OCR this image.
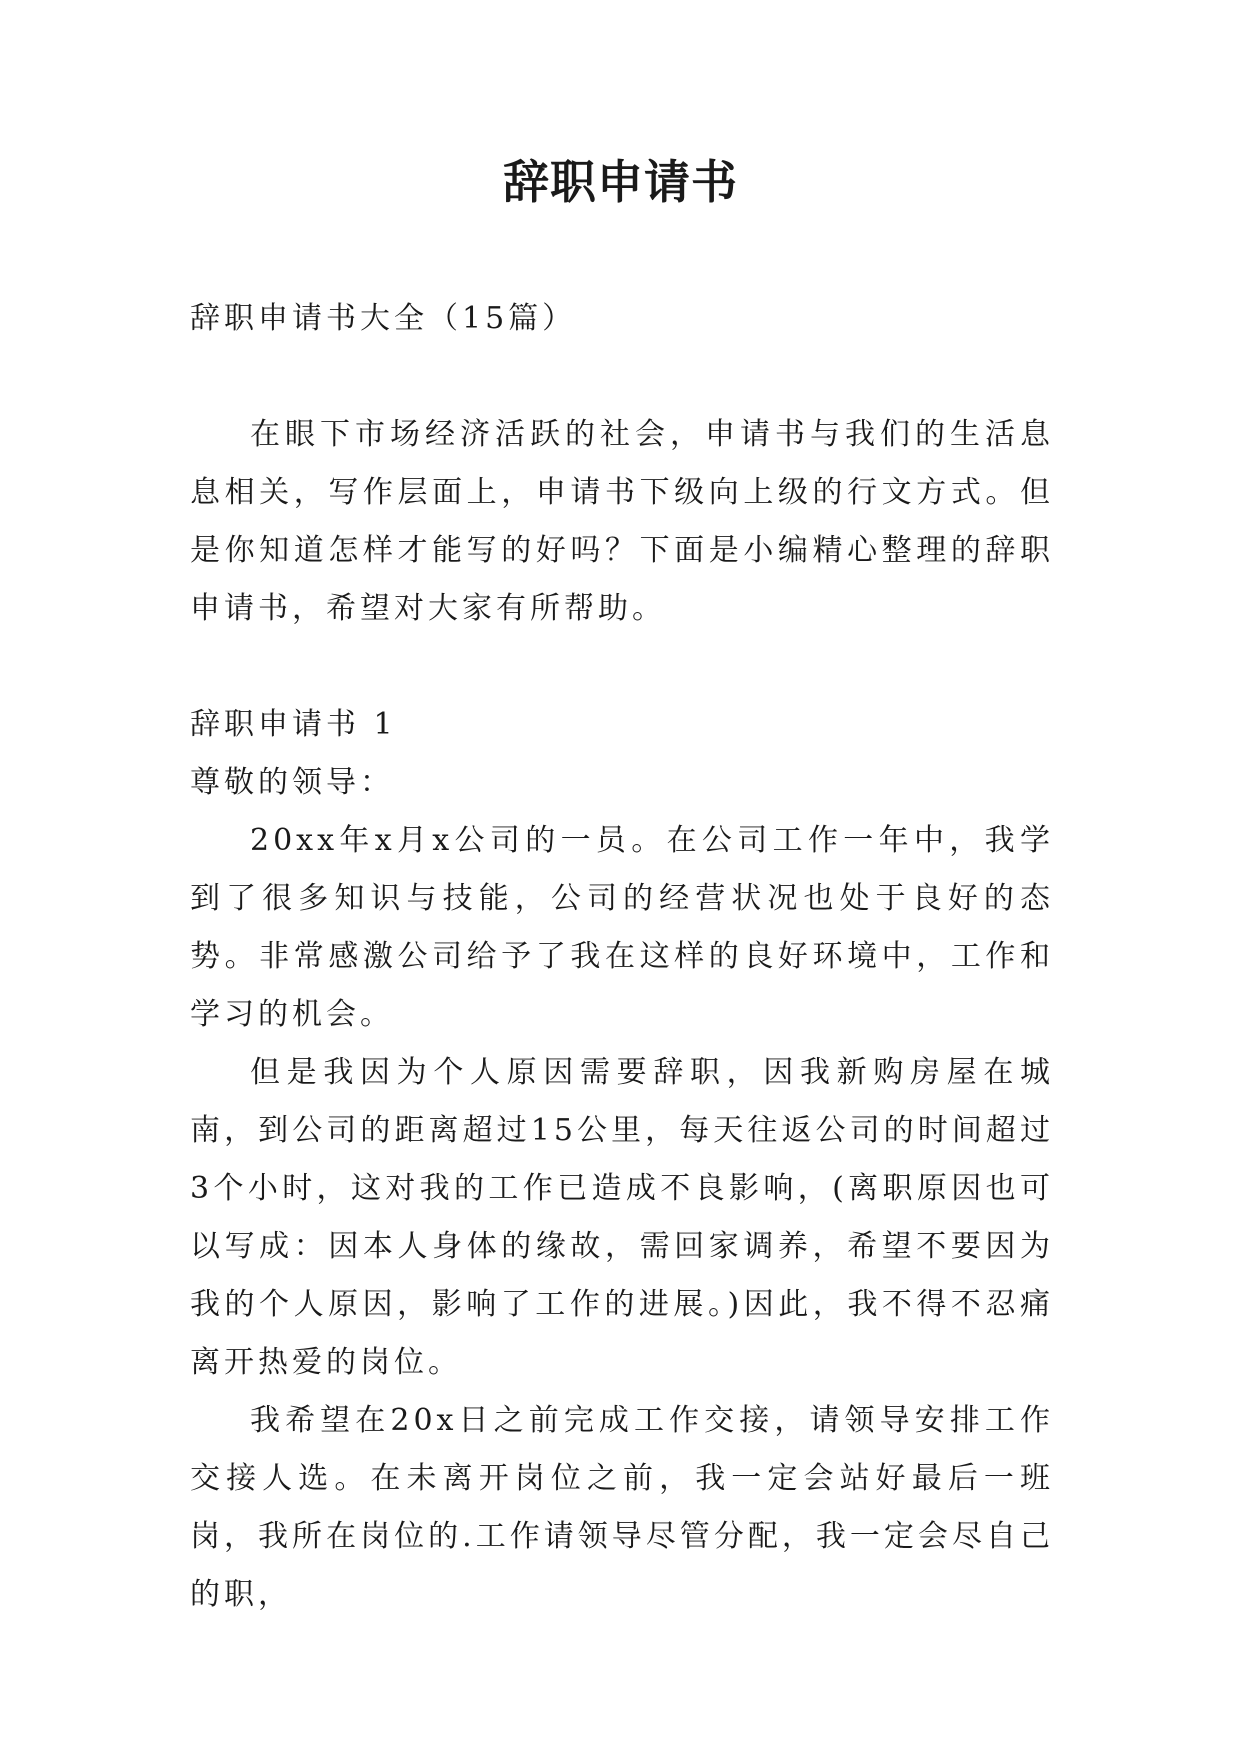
辞职申请书

辞职申请书大全（15篇）

在眼下市场经济活跃的社会，申请书与我们的生活息息相关，写作层面上，申请书下级向上级的行文方式。但是你知道怎样才能写的好吗？下面是小编精心整理的辞职申请书，希望对大家有所帮助。

辞职申请书 1

尊敬的领导：

20xx年x月x公司的一员。在公司工作一年中，我学到了很多知识与技能，公司的经营状况也处于良好的态势。非常感激公司给予了我在这样的良好环境中，工作和学习的机会。

但是我因为个人原因需要辞职，因我新购房屋在城南，到公司的距离超过15公里，每天往返公司的时间超过3个小时，这对我的工作已造成不良影响，(离职原因也可以写成：因本人身体的缘故，需回家调养，希望不要因为我的个人原因，影响了工作的进展。)因此，我不得不忍痛离开热爱的岗位。

我希望在20x日之前完成工作交接，请领导安排工作交接人选。在未离开岗位之前，我一定会站好最后一班岗，我所在岗位的.工作请领导尽管分配，我一定会尽自己的职，
